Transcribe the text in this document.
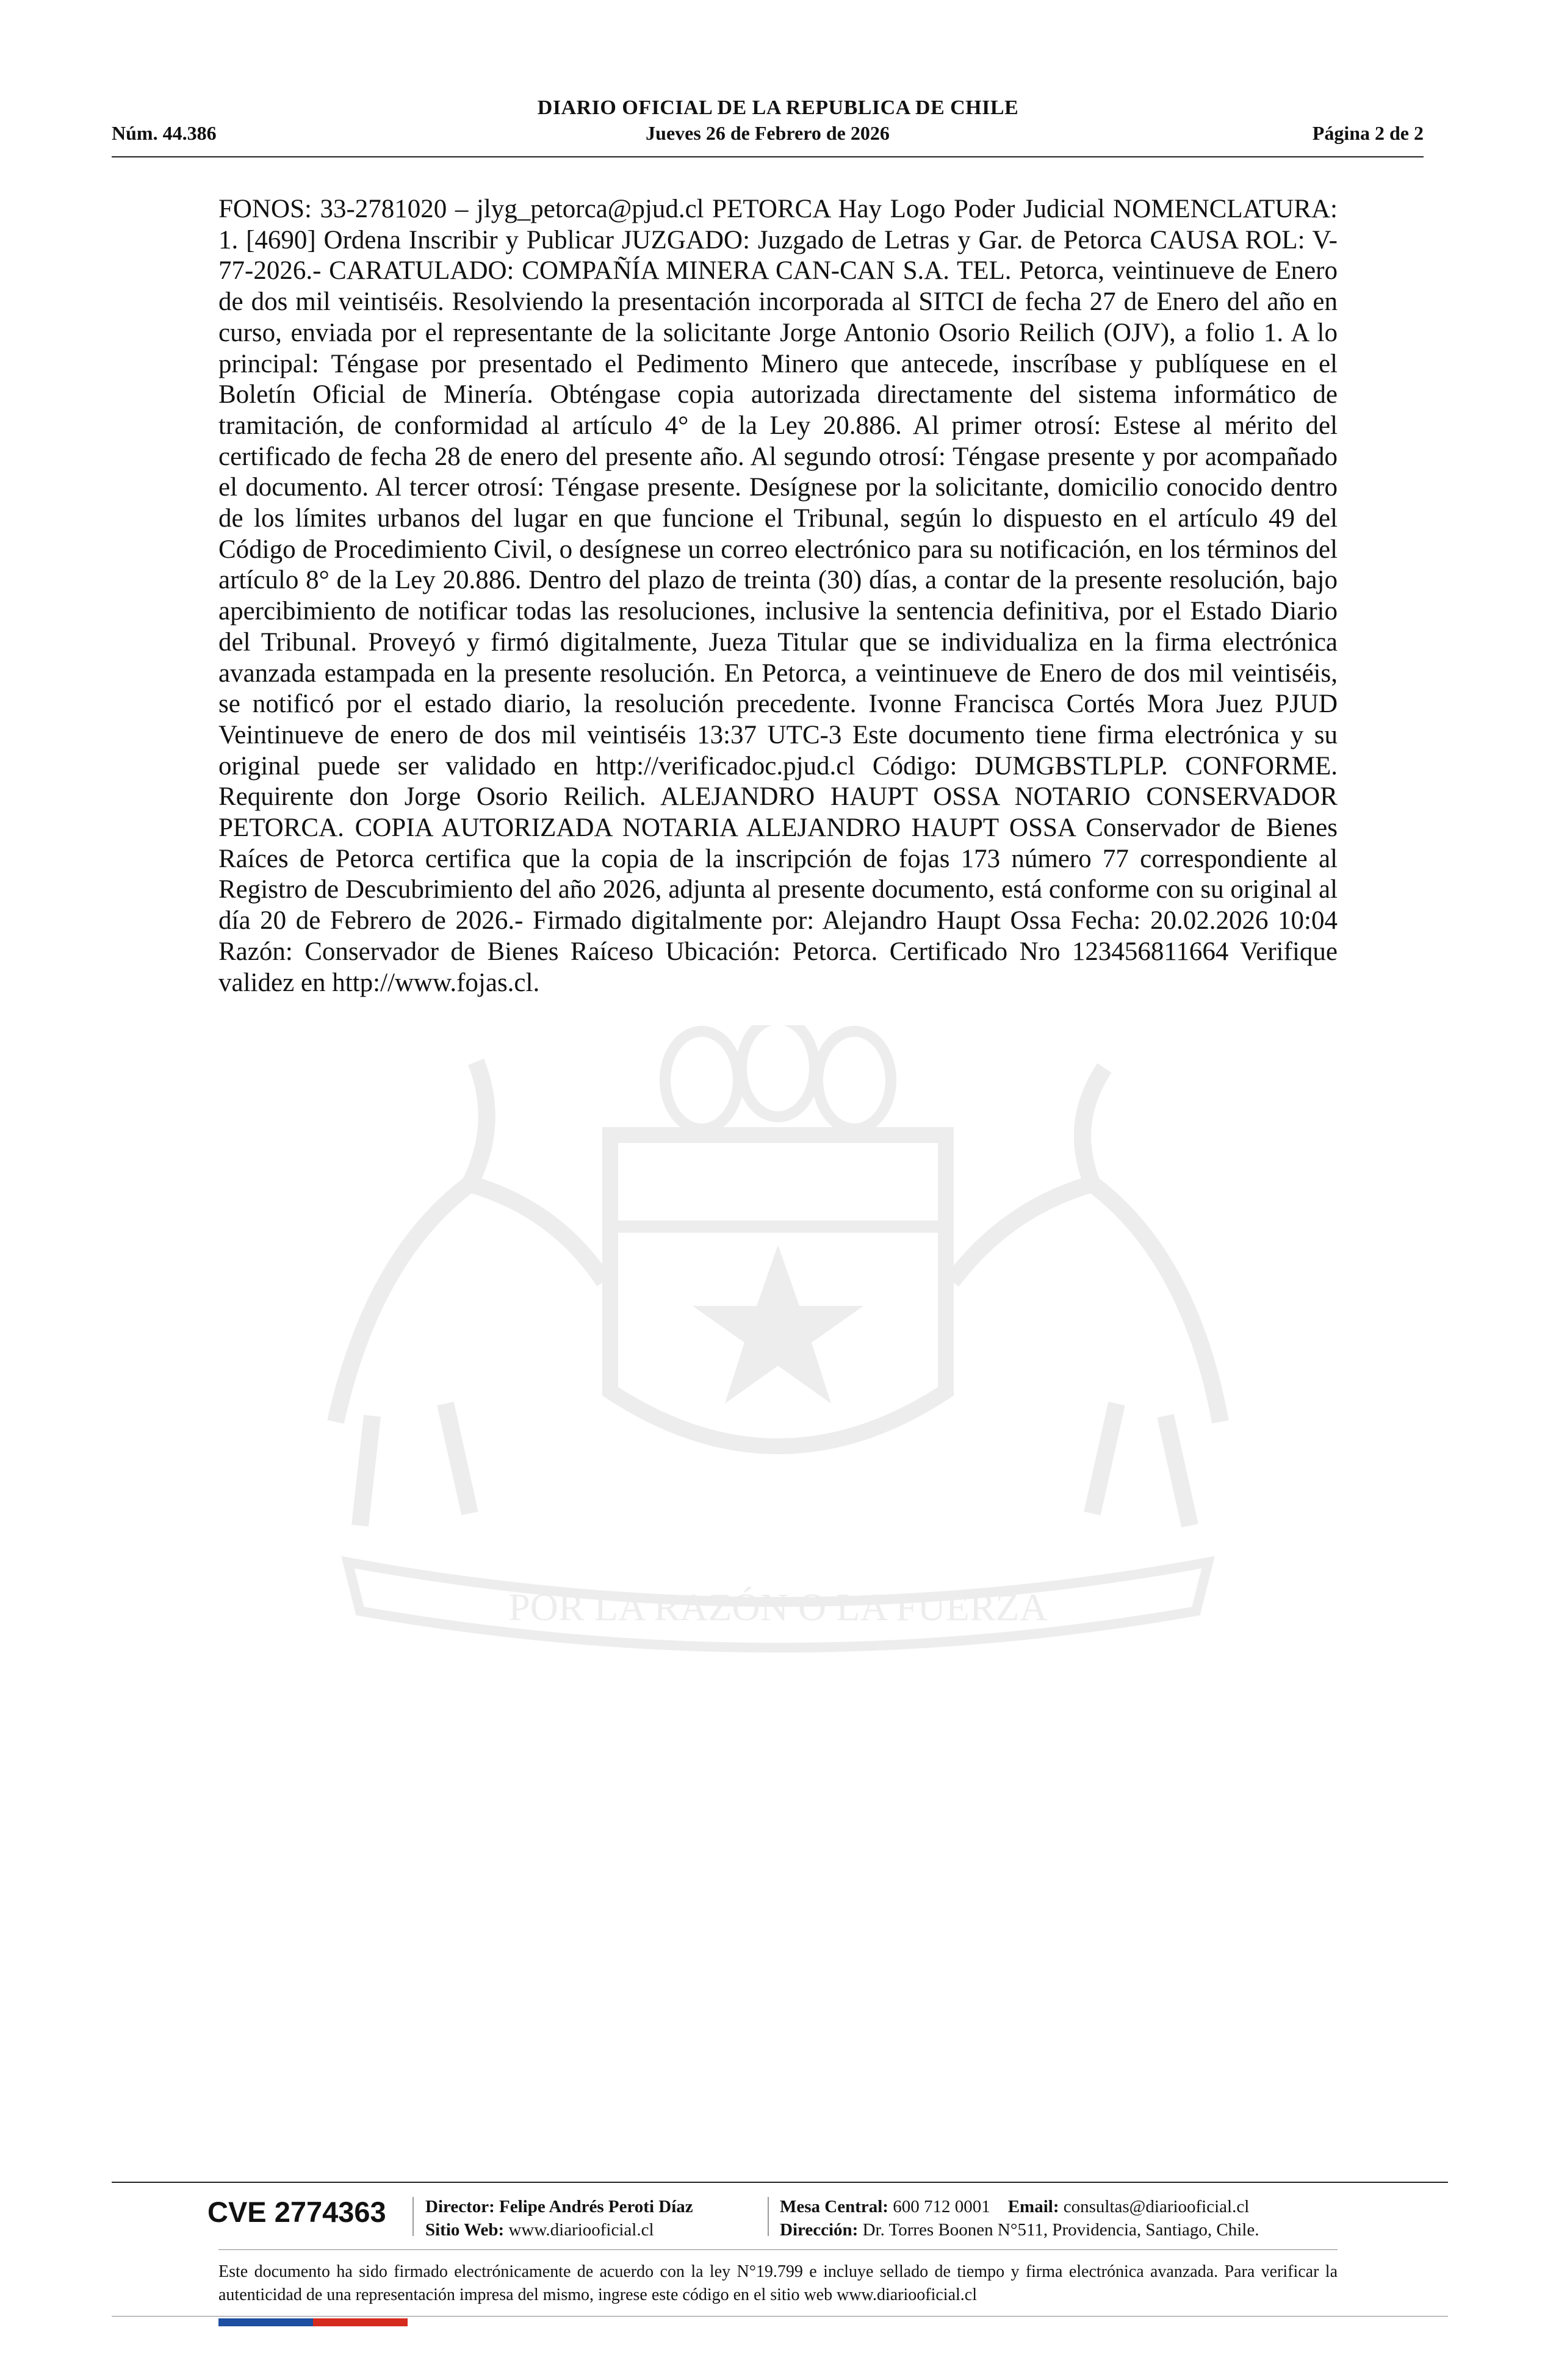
DIARIO OFICIAL DE LA REPUBLICA DE CHILE
Núm. 44.386	Jueves 26 de Febrero de 2026	Página 2 de 2
POR LA RAZÓN O LA FUERZA
FONOS: 33-2781020 – jlyg_petorca@pjud.cl PETORCA Hay Logo Poder Judicial NOMENCLATURA: 1. [4690] Ordena Inscribir y Publicar JUZGADO: Juzgado de Letras y Gar. de Petorca CAUSA ROL: V-77-2026.- CARATULADO: COMPAÑÍA MINERA CAN-CAN S.A. TEL. Petorca, veintinueve de Enero de dos mil veintiséis. Resolviendo la presentación incorporada al SITCI de fecha 27 de Enero del año en curso, enviada por el representante de la solicitante Jorge Antonio Osorio Reilich (OJV), a folio 1. A lo principal: Téngase por presentado el Pedimento Minero que antecede, inscríbase y publíquese en el Boletín Oficial de Minería. Obténgase copia autorizada directamente del sistema informático de tramitación, de conformidad al artículo 4° de la Ley 20.886. Al primer otrosí: Estese al mérito del certificado de fecha 28 de enero del presente año. Al segundo otrosí: Téngase presente y por acompañado el documento. Al tercer otrosí: Téngase presente. Desígnese por la solicitante, domicilio conocido dentro de los límites urbanos del lugar en que funcione el Tribunal, según lo dispuesto en el artículo 49 del Código de Procedimiento Civil, o desígnese un correo electrónico para su notificación, en los términos del artículo 8° de la Ley 20.886. Dentro del plazo de treinta (30) días, a contar de la presente resolución, bajo apercibimiento de notificar todas las resoluciones, inclusive la sentencia definitiva, por el Estado Diario del Tribunal. Proveyó y firmó digitalmente, Jueza Titular que se individualiza en la firma electrónica avanzada estampada en la presente resolución. En Petorca, a veintinueve de Enero de dos mil veintiséis, se notificó por el estado diario, la resolución precedente. Ivonne Francisca Cortés Mora Juez PJUD Veintinueve de enero de dos mil veintiséis 13:37 UTC-3 Este documento tiene firma electrónica y su original puede ser validado en http://verificadoc.pjud.cl Código: DUMGBSTLPLP. CONFORME. Requirente don Jorge Osorio Reilich. ALEJANDRO HAUPT OSSA NOTARIO CONSERVADOR PETORCA. COPIA AUTORIZADA NOTARIA ALEJANDRO HAUPT OSSA Conservador de Bienes Raíces de Petorca certifica que la copia de la inscripción de fojas 173 número 77 correspondiente al Registro de Descubrimiento del año 2026, adjunta al presente documento, está conforme con su original al día 20 de Febrero de 2026.- Firmado digitalmente por: Alejandro Haupt Ossa Fecha: 20.02.2026 10:04 Razón: Conservador de Bienes Raíceso Ubicación: Petorca. Certificado Nro 123456811664 Verifique validez en http://www.fojas.cl.
CVE 2774363 Director: Felipe Andrés Peroti Díaz
Sitio Web: www.diariooficial.cl
Mesa Central: 600 712 0001 Email: consultas@diariooficial.cl
Dirección: Dr. Torres Boonen N°511, Providencia, Santiago, Chile.
Este documento ha sido firmado electrónicamente de acuerdo con la ley N°19.799 e incluye sellado de tiempo y firma electrónica avanzada. Para verificar la autenticidad de una representación impresa del mismo, ingrese este código en el sitio web www.diariooficial.cl
